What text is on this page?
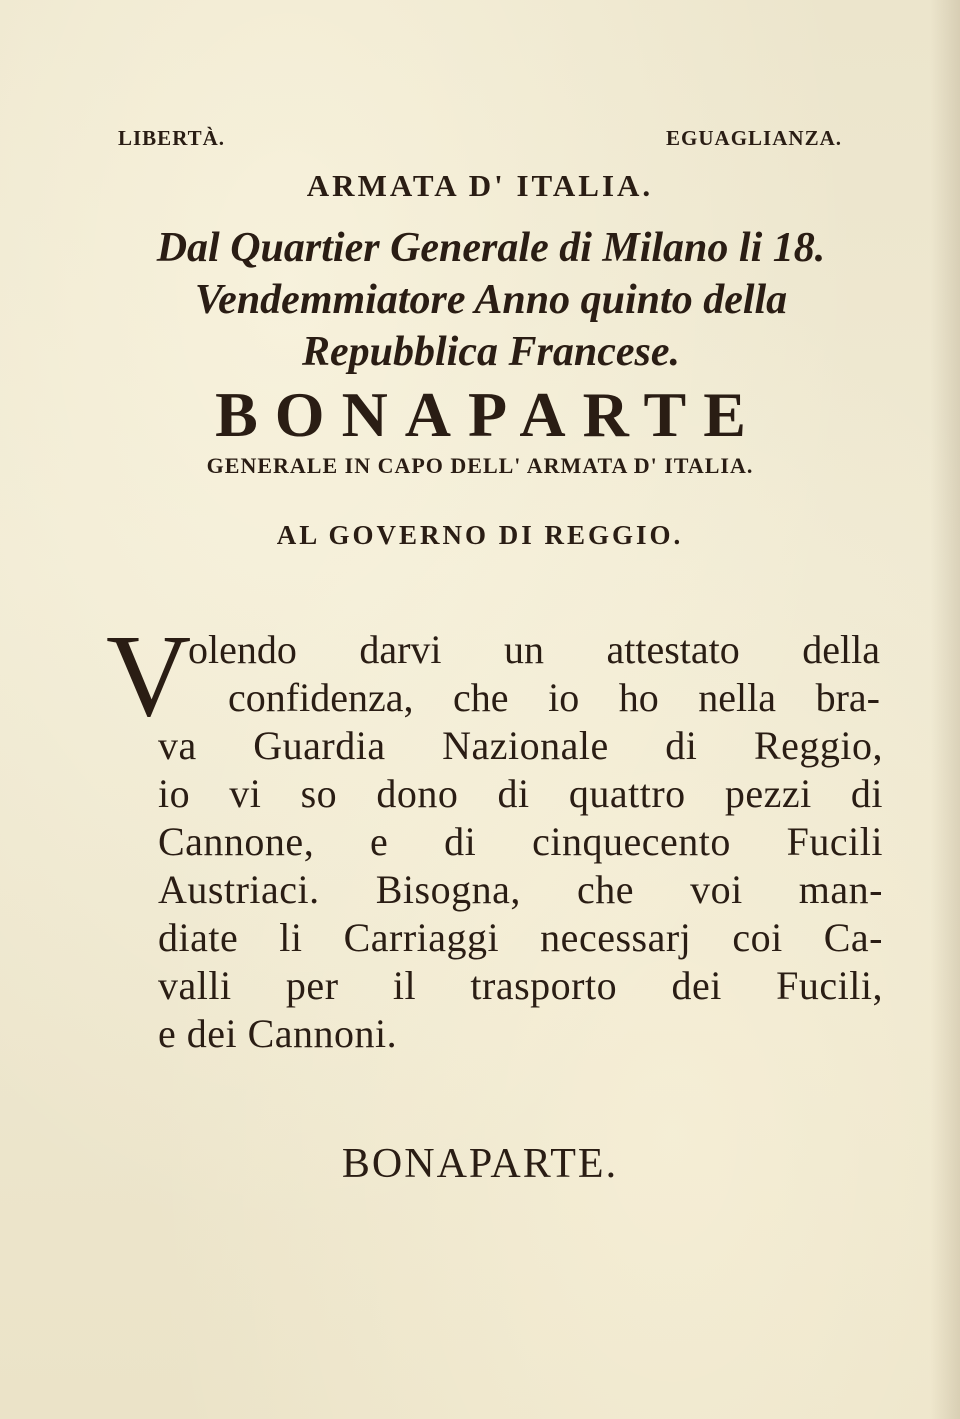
LIBERTÀ.	EGUAGLIANZA.
ARMATA D' ITALIA.
Dal Quartier Generale di Milano li 18.
Vendemmiatore Anno quinto della
Repubblica Francese.
BONAPARTE
GENERALE IN CAPO DELL' ARMATA D' ITALIA.
AL GOVERNO DI REGGIO.
V
olendo darvi un attestato della
confidenza, che io ho nella bra-
va Guardia Nazionale di Reggio,
io vi so dono di quattro pezzi di
Cannone, e di cinquecento Fucili
Austriaci. Bisogna, che voi man-
diate li Carriaggi necessarj coi Ca-
valli per il trasporto dei Fucili,
e dei Cannoni.
BONAPARTE.
